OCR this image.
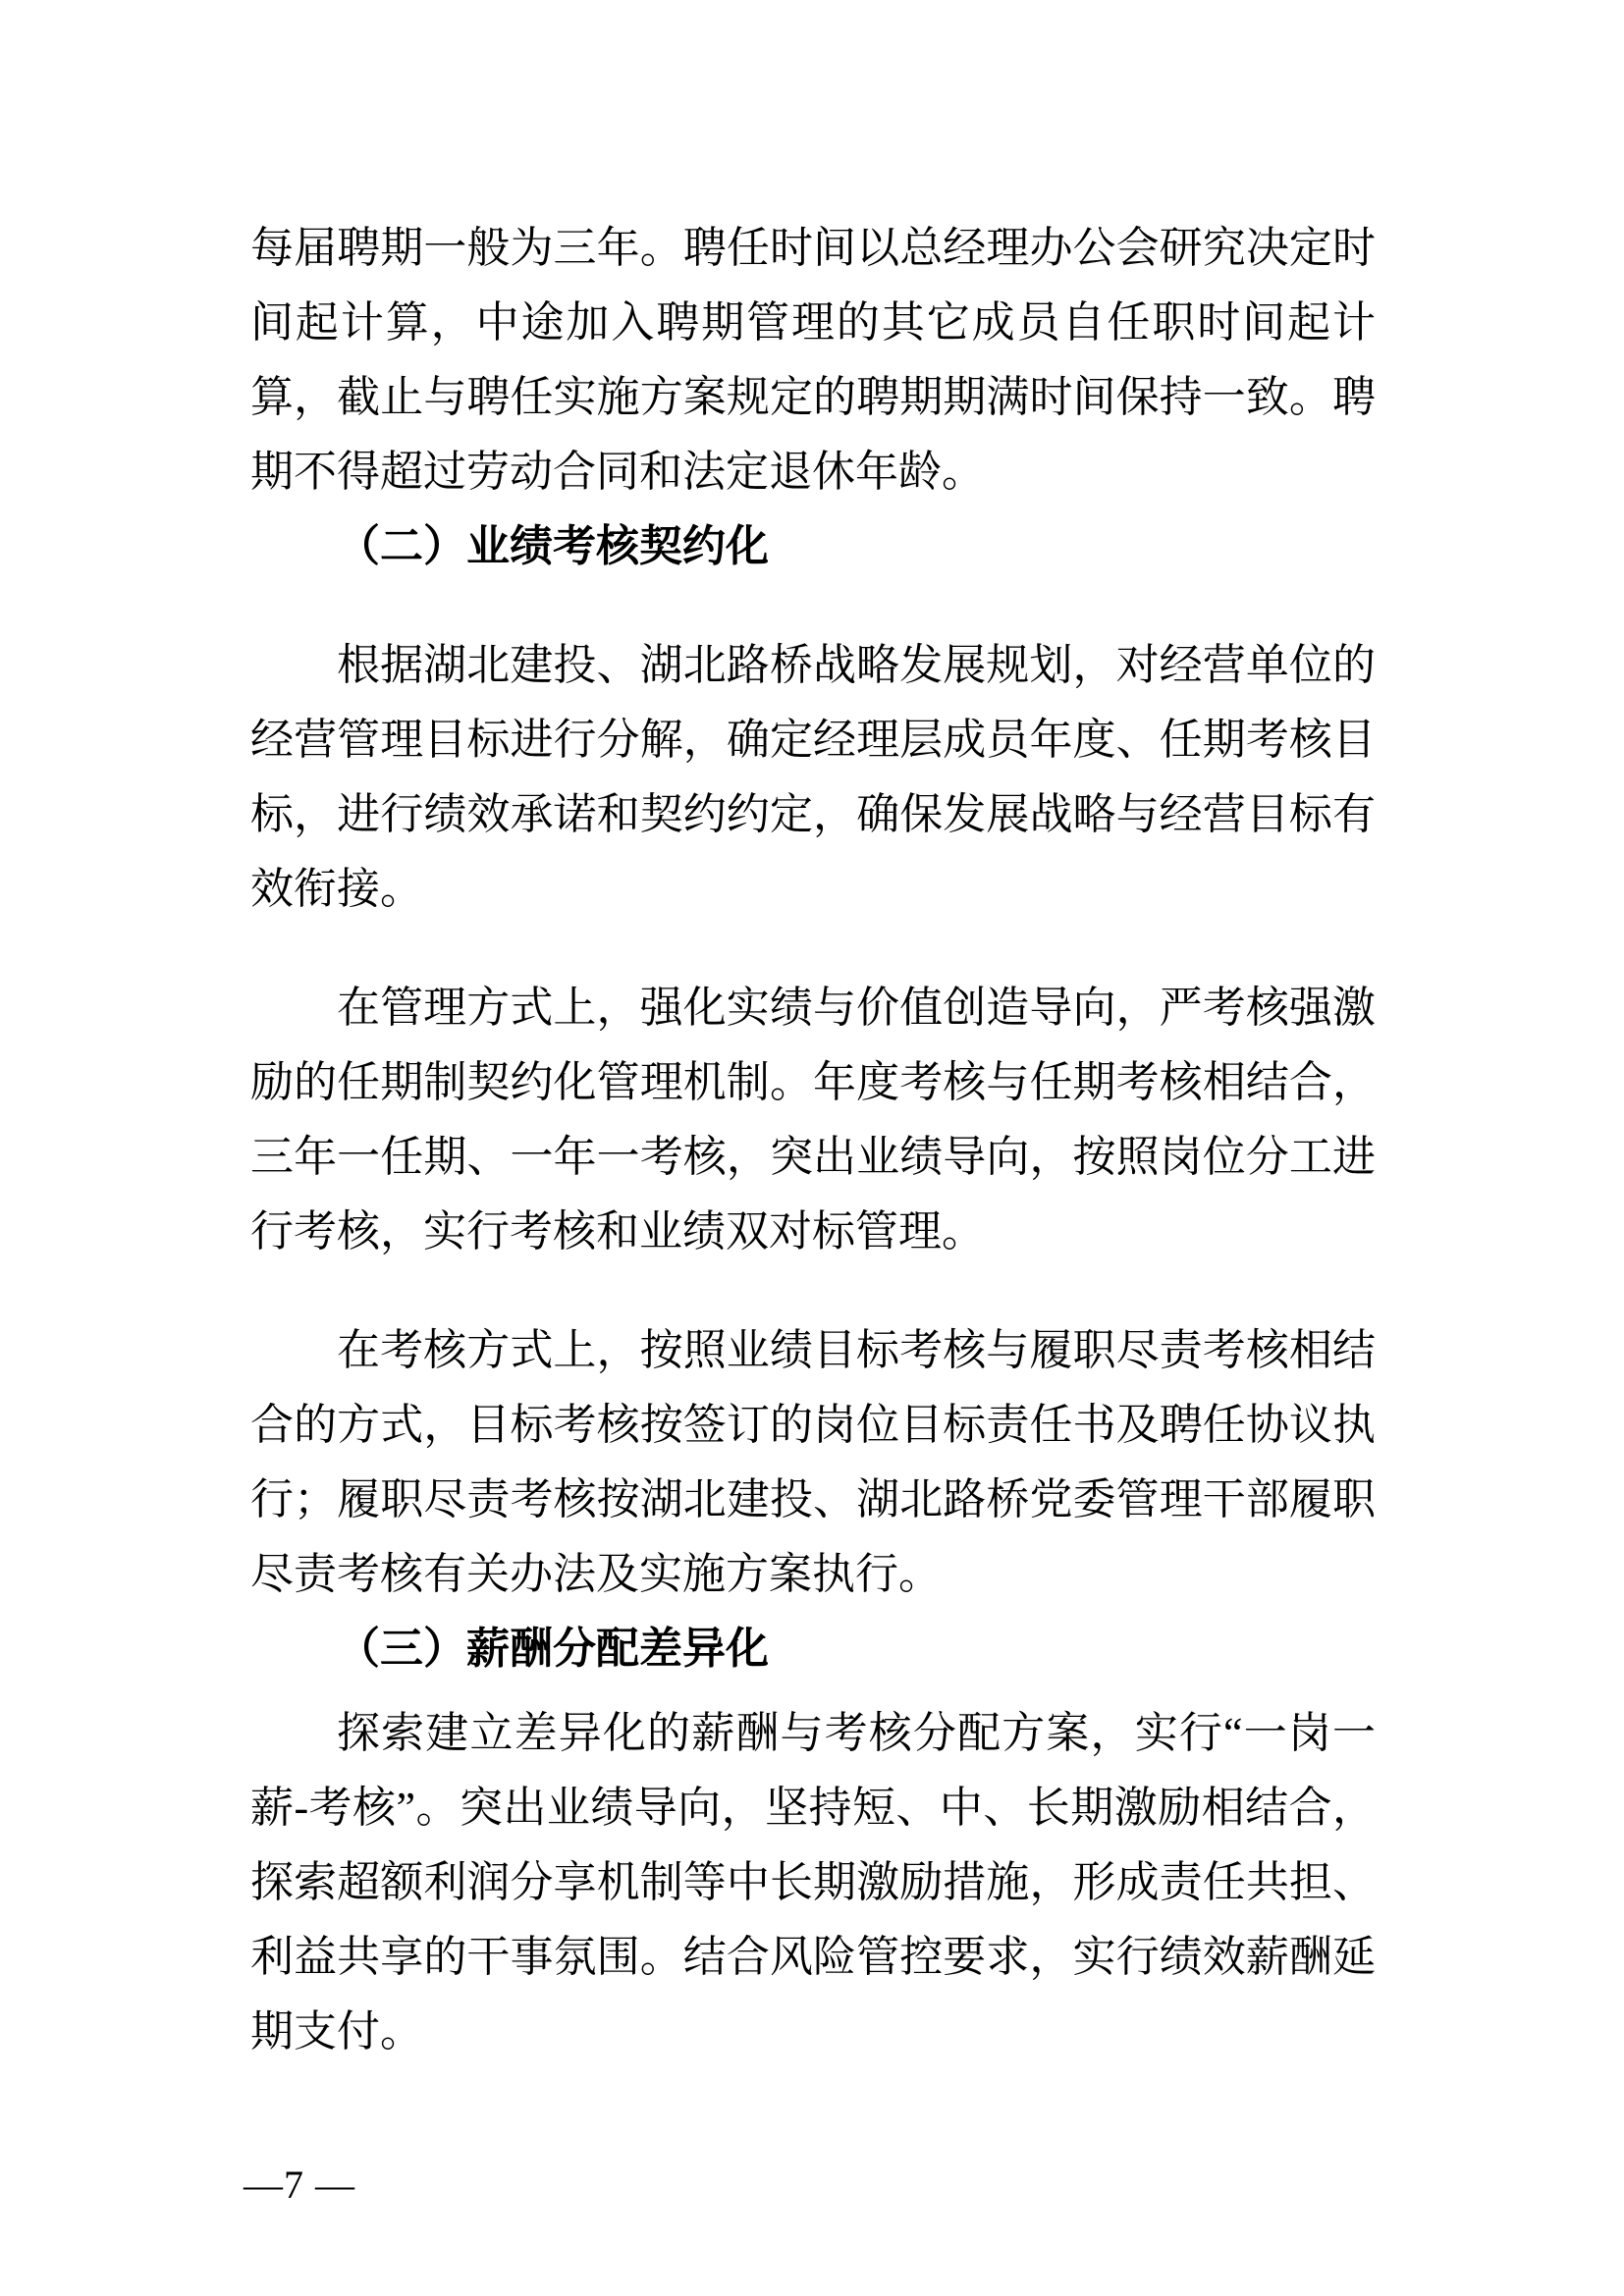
每届聘期一般为三年。聘任时间以总经理办公会研究决定时间起计算，中途加入聘期管理的其它成员自任职时间起计算，截止与聘任实施方案规定的聘期期满时间保持一致。聘期不得超过劳动合同和法定退休年龄。

（二）业绩考核契约化

根据湖北建投、湖北路桥战略发展规划，对经营单位的经营管理目标进行分解，确定经理层成员年度、任期考核目标，进行绩效承诺和契约约定，确保发展战略与经营目标有效衔接。

在管理方式上，强化实绩与价值创造导向，严考核强激励的任期制契约化管理机制。年度考核与任期考核相结合，三年一任期、一年一考核，突出业绩导向，按照岗位分工进行考核，实行考核和业绩双对标管理。

在考核方式上，按照业绩目标考核与履职尽责考核相结合的方式，目标考核按签订的岗位目标责任书及聘任协议执行；履职尽责考核按湖北建投、湖北路桥党委管理干部履职尽责考核有关办法及实施方案执行。

（三）薪酬分配差异化

探索建立差异化的薪酬与考核分配方案，实行“一岗一薪-考核”。突出业绩导向，坚持短、中、长期激励相结合，探索超额利润分享机制等中长期激励措施，形成责任共担、利益共享的干事氛围。结合风险管控要求，实行绩效薪酬延期支付。

—7 —
